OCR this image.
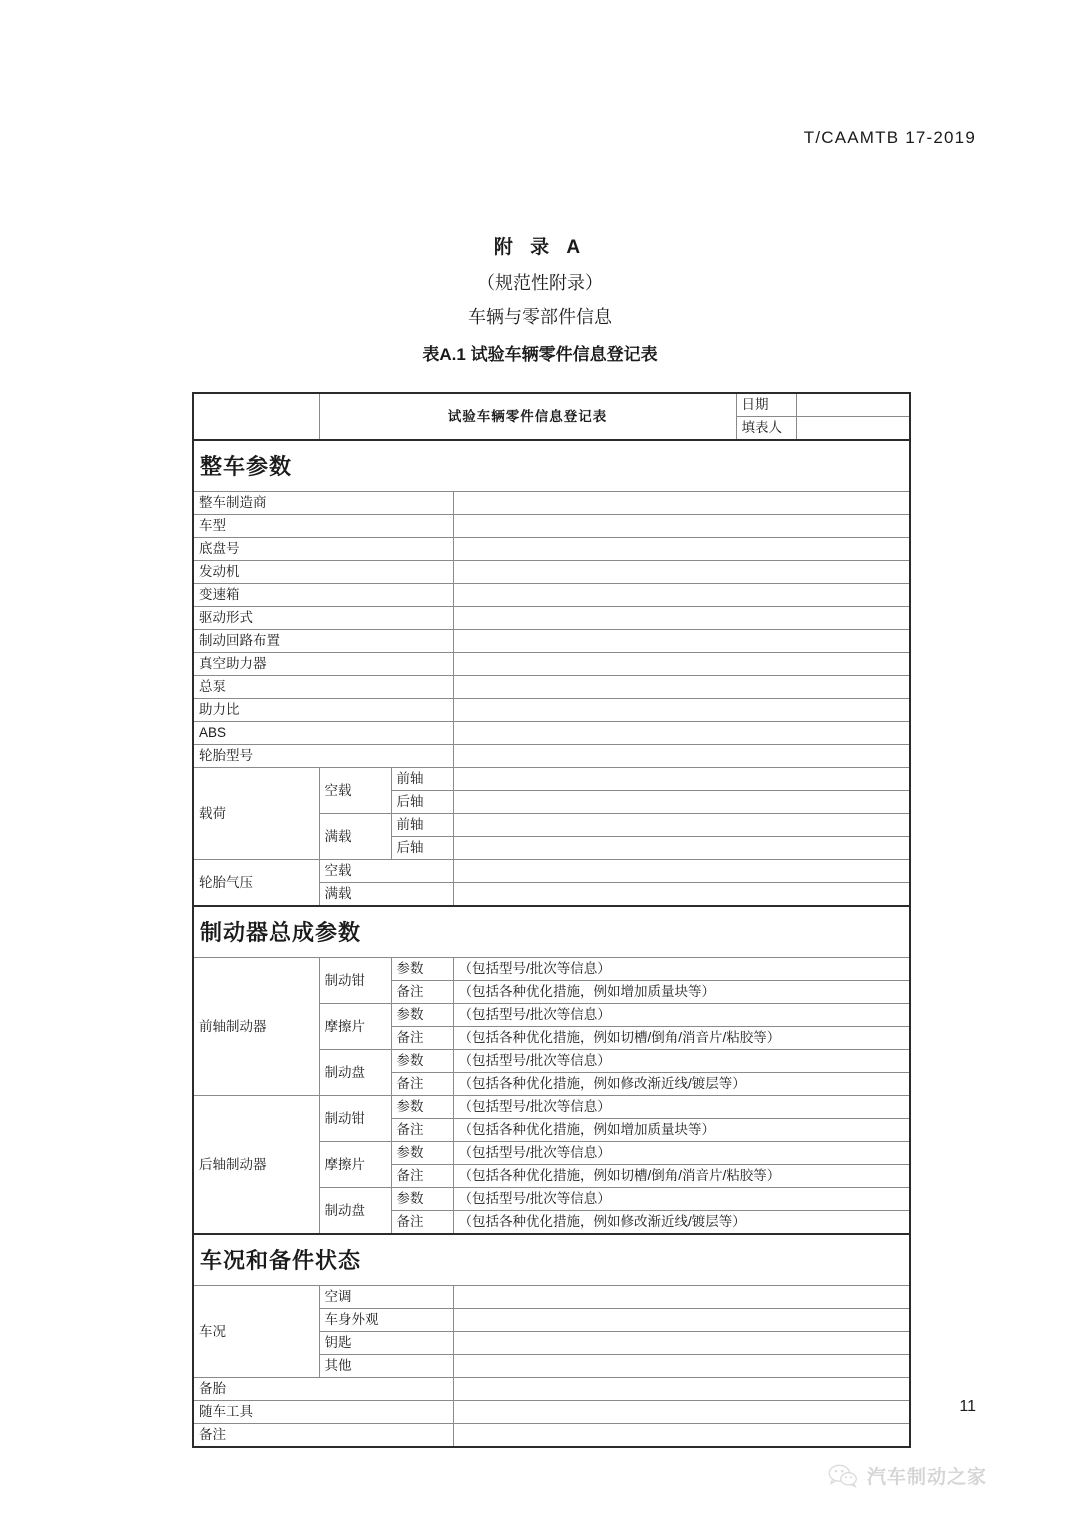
T/CAAMTB 17-2019
附 录 A
（规范性附录）
车辆与零部件信息
表A.1 试验车辆零件信息登记表
	试验车辆零件信息登记表			日期	
				填表人	
整车参数					
整车制造商					
车型					
底盘号					
发动机					
变速箱					
驱动形式					
制动回路布置					
真空助力器					
总泵					
助力比					
ABS					
轮胎型号					
载荷	空载	前轴			
		后轴			
	满载	前轴			
		后轴			
轮胎气压	空载				
	满载				
制动器总成参数					
前轴制动器	制动钳	参数	（包括型号/批次等信息）		
		备注	（包括各种优化措施，例如增加质量块等）		
	摩擦片	参数	（包括型号/批次等信息）		
		备注	（包括各种优化措施，例如切槽/倒角/消音片/粘胶等）		
	制动盘	参数	（包括型号/批次等信息）		
		备注	（包括各种优化措施，例如修改渐近线/镀层等）		
后轴制动器	制动钳	参数	（包括型号/批次等信息）		
		备注	（包括各种优化措施，例如增加质量块等）		
	摩擦片	参数	（包括型号/批次等信息）		
		备注	（包括各种优化措施，例如切槽/倒角/消音片/粘胶等）		
	制动盘	参数	（包括型号/批次等信息）		
		备注	（包括各种优化措施，例如修改渐近线/镀层等）		
车况和备件状态					
车况	空调				
	车身外观				
	钥匙				
	其他				
备胎					
随车工具					
备注					
11
汽车制动之家
